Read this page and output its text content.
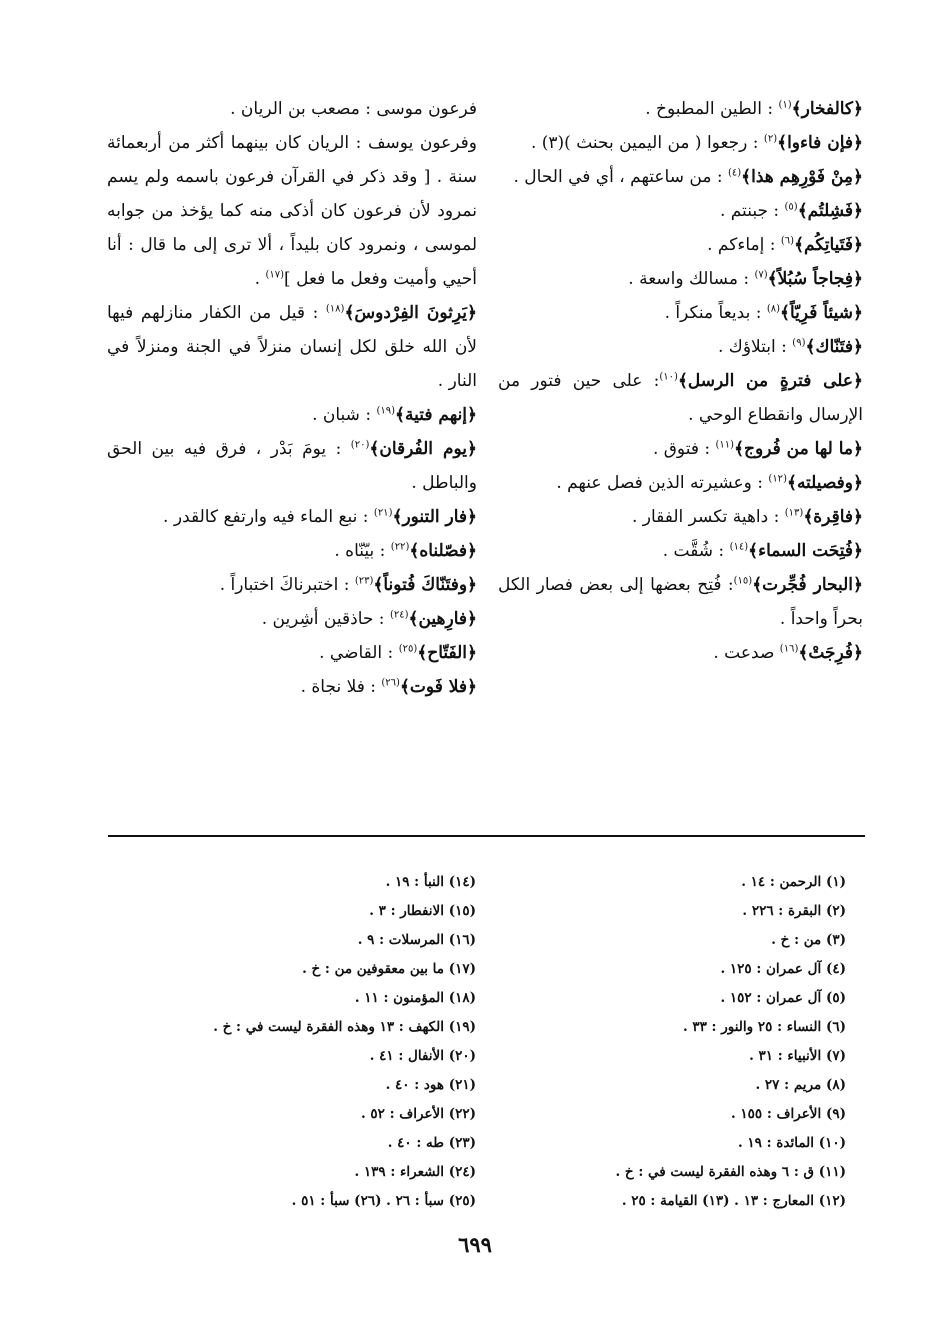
﴿كالفخار﴾$^{(١)}$ : الطين المطبوخ .

﴿فإن فاءوا﴾$^{(٢)}$ : رجعوا ( من اليمين بحنث )(٣) .

﴿مِنْ فَوْرِهِم هذا﴾$^{(٤)}$ : من ساعتهم ، أي في الحال .

﴿فَشِلتُم﴾$^{(٥)}$ : جبنتم .

﴿فَتَياتِكُم﴾$^{(٦)}$ : إماءكم .

﴿فِجاجاً سُبُلاً﴾$^{(٧)}$ : مسالك واسعة .

﴿شيئاً فَرِيّاً﴾$^{(٨)}$ : بديعاً منكراً .

﴿فتَنّاك﴾$^{(٩)}$ : ابتلاؤك .

﴿على فترةٍ من الرسل﴾$^{(١٠)}$: على حين فتور من الإرسال وانقطاع الوحي .

﴿ما لها من فُروج﴾$^{(١١)}$ : فتوق .

﴿وفصيلته﴾$^{(١٢)}$ : وعشيرته الذين فصل عنهم .

﴿فاقِرة﴾$^{(١٣)}$ : داهية تكسر الفقار .

﴿فُتِحَت السماء﴾$^{(١٤)}$ : شُقَّت .

﴿البحار فُجِّرت﴾$^{(١٥)}$: فُتِح بعضها إلى بعض فصار الكل بحراً واحداً .

﴿فُرِجَتْ﴾$^{(١٦)}$ صدعت .

فرعون موسى : مصعب بن الريان .

وفرعون يوسف : الريان كان بينهما أكثر من أربعمائة سنة . [ وقد ذكر في القرآن فرعون باسمه ولم يسم نمرود لأن فرعون كان أذكى منه كما يؤخذ من جوابه لموسى ، ونمرود كان بليداً ، ألا ترى إلى ما قال : أنا أحيي وأميت وفعل ما فعل ]$^{(١٧)}$ .

﴿يَرِثونَ الفِرْدوسَ﴾$^{(١٨)}$ : قيل من الكفار منازلهم فيها لأن الله خلق لكل إنسان منزلاً في الجنة ومنزلاً في النار .

﴿إنهم فتية﴾$^{(١٩)}$ : شبان .

﴿يوم الفُرقان﴾$^{(٢٠)}$ : يومَ بَدْر ، فرق فيه بين الحق والباطل .

﴿فار التنور﴾$^{(٢١)}$ : نبع الماء فيه وارتفع كالقدر .

﴿فصّلناه﴾$^{(٢٢)}$ : بيّنّاه .

﴿وفتَنّاكَ فُتوناً﴾$^{(٢٣)}$ : اختبرناكَ اختباراً .

﴿فارِهين﴾$^{(٢٤)}$ : حاذقين أشِرين .

﴿الفَتّاح﴾$^{(٢٥)}$ : القاضي .

﴿فلا فَوت﴾$^{(٢٦)}$ : فلا نجاة .

(١) الرحمن : ١٤ .
(٢) البقرة : ٢٢٦ .
(٣) من : خ .
(٤) آل عمران : ١٢٥ .
(٥) آل عمران : ١٥٢ .
(٦) النساء : ٢٥ والنور : ٣٣ .
(٧) الأنبياء : ٣١ .
(٨) مريم : ٢٧ .
(٩) الأعراف : ١٥٥ .
(١٠) المائدة : ١٩ .
(١١) ق : ٦ وهذه الفقرة ليست في : خ .
(١٢) المعارج : ١٣ . (١٣) القيامة : ٢٥ .
(١٤) النبأ : ١٩ .
(١٥) الانفطار : ٣ .
(١٦) المرسلات : ٩ .
(١٧) ما بين معقوفين من : خ .
(١٨) المؤمنون : ١١ .
(١٩) الكهف : ١٣ وهذه الفقرة ليست في : خ .
(٢٠) الأنفال : ٤١ .
(٢١) هود : ٤٠ .
(٢٢) الأعراف : ٥٢ .
(٢٣) طه : ٤٠ .
(٢٤) الشعراء : ١٣٩ .
(٢٥) سبأ : ٢٦ . (٢٦) سبأ : ٥١ .
٦٩٩
